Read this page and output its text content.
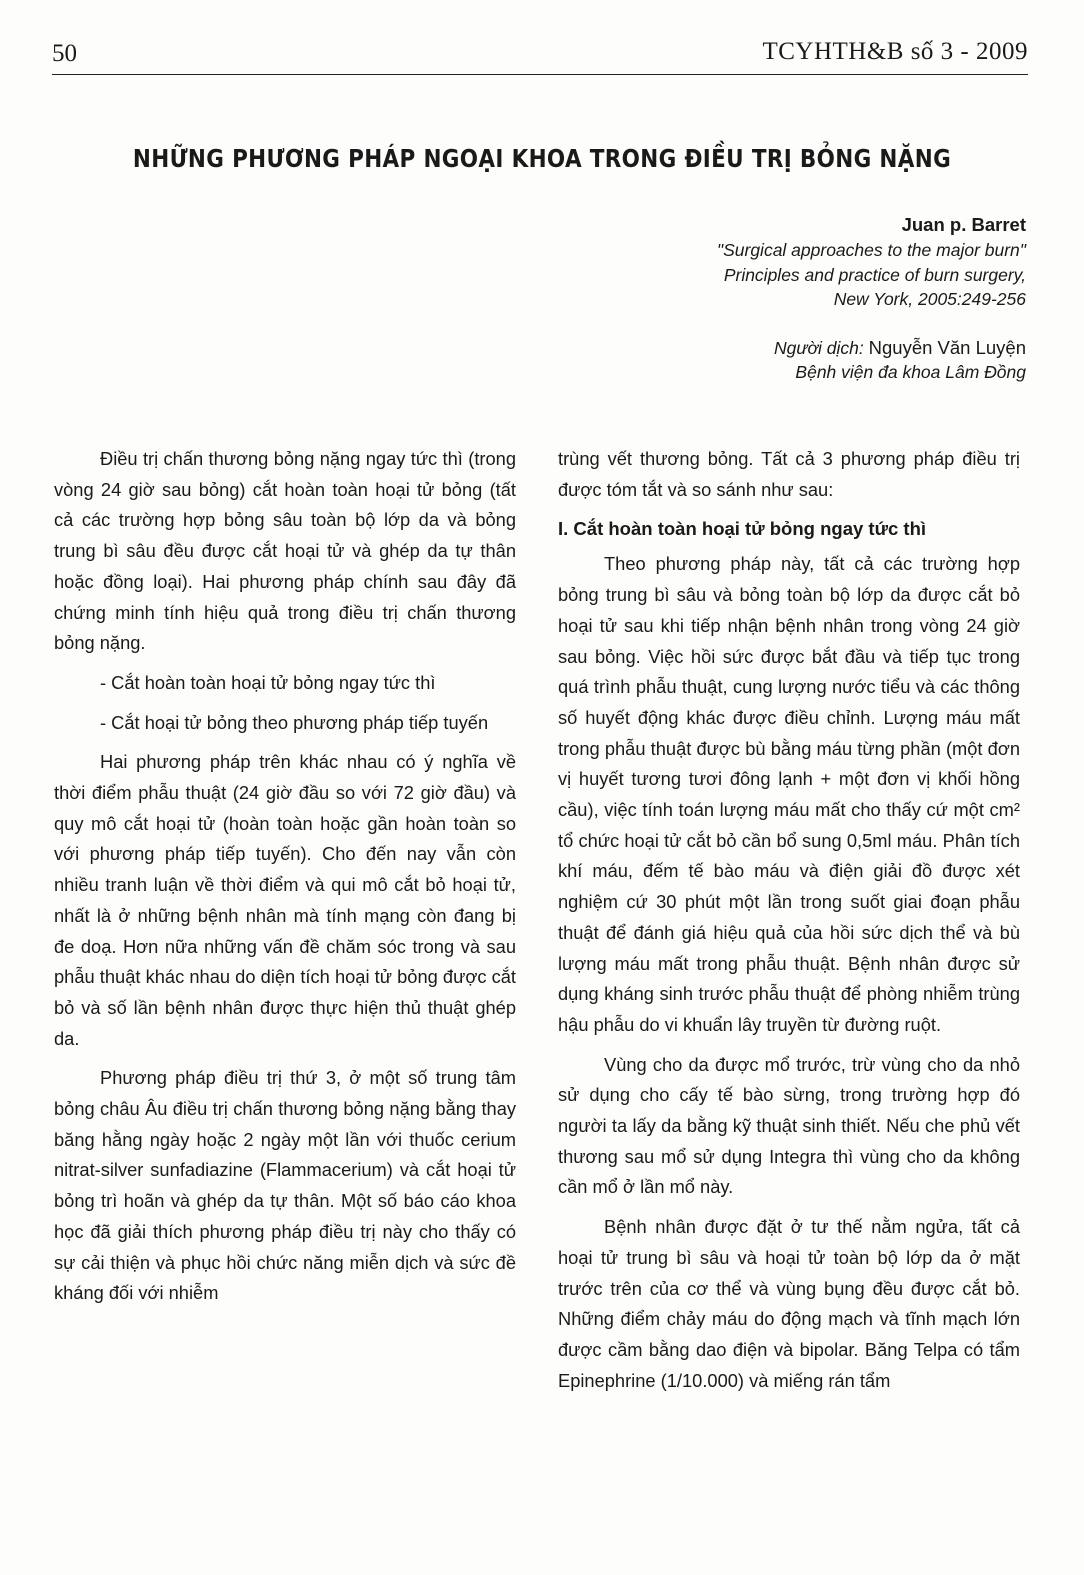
50	TCYHTH&B số 3 - 2009
NHỮNG PHƯƠNG PHÁP NGOẠI KHOA TRONG ĐIỀU TRỊ BỎNG NẶNG
Juan p. Barret
"Surgical approaches to the major burn"
Principles and practice of burn surgery,
New York, 2005:249-256
Người dịch: Nguyễn Văn Luyện
Bệnh viện đa khoa Lâm Đồng

Điều trị chấn thương bỏng nặng ngay tức thì (trong vòng 24 giờ sau bỏng) cắt hoàn toàn hoại tử bỏng (tất cả các trường hợp bỏng sâu toàn bộ lớp da và bỏng trung bì sâu đều được cắt hoại tử và ghép da tự thân hoặc đồng loại). Hai phương pháp chính sau đây đã chứng minh tính hiệu quả trong điều trị chấn thương bỏng nặng.

- Cắt hoàn toàn hoại tử bỏng ngay tức thì

- Cắt hoại tử bỏng theo phương pháp tiếp tuyến

Hai phương pháp trên khác nhau có ý nghĩa về thời điểm phẫu thuật (24 giờ đầu so với 72 giờ đầu) và quy mô cắt hoại tử (hoàn toàn hoặc gần hoàn toàn so với phương pháp tiếp tuyến). Cho đến nay vẫn còn nhiều tranh luận về thời điểm và qui mô cắt bỏ hoại tử, nhất là ở những bệnh nhân mà tính mạng còn đang bị đe doạ. Hơn nữa những vấn đề chăm sóc trong và sau phẫu thuật khác nhau do diện tích hoại tử bỏng được cắt bỏ và số lần bệnh nhân được thực hiện thủ thuật ghép da.

Phương pháp điều trị thứ 3, ở một số trung tâm bỏng châu Âu điều trị chấn thương bỏng nặng bằng thay băng hằng ngày hoặc 2 ngày một lần với thuốc cerium nitrat-silver sunfadiazine (Flammacerium) và cắt hoại tử bỏng trì hoãn và ghép da tự thân. Một số báo cáo khoa học đã giải thích phương pháp điều trị này cho thấy có sự cải thiện và phục hồi chức năng miễn dịch và sức đề kháng đối với nhiễm

trùng vết thương bỏng. Tất cả 3 phương pháp điều trị được tóm tắt và so sánh như sau:

I. Cắt hoàn toàn hoại tử bỏng ngay tức thì

Theo phương pháp này, tất cả các trường hợp bỏng trung bì sâu và bỏng toàn bộ lớp da được cắt bỏ hoại tử sau khi tiếp nhận bệnh nhân trong vòng 24 giờ sau bỏng. Việc hồi sức được bắt đầu và tiếp tục trong quá trình phẫu thuật, cung lượng nước tiểu và các thông số huyết động khác được điều chỉnh. Lượng máu mất trong phẫu thuật được bù bằng máu từng phần (một đơn vị huyết tương tươi đông lạnh + một đơn vị khối hồng cầu), việc tính toán lượng máu mất cho thấy cứ một cm² tổ chức hoại tử cắt bỏ cần bổ sung 0,5ml máu. Phân tích khí máu, đếm tế bào máu và điện giải đồ được xét nghiệm cứ 30 phút một lần trong suốt giai đoạn phẫu thuật để đánh giá hiệu quả của hồi sức dịch thể và bù lượng máu mất trong phẫu thuật. Bệnh nhân được sử dụng kháng sinh trước phẫu thuật để phòng nhiễm trùng hậu phẫu do vi khuẩn lây truyền từ đường ruột.

Vùng cho da được mổ trước, trừ vùng cho da nhỏ sử dụng cho cấy tế bào sừng, trong trường hợp đó người ta lấy da bằng kỹ thuật sinh thiết. Nếu che phủ vết thương sau mổ sử dụng Integra thì vùng cho da không cần mổ ở lần mổ này.

Bệnh nhân được đặt ở tư thế nằm ngửa, tất cả hoại tử trung bì sâu và hoại tử toàn bộ lớp da ở mặt trước trên của cơ thể và vùng bụng đều được cắt bỏ. Những điểm chảy máu do động mạch và tĩnh mạch lớn được cầm bằng dao điện và bipolar. Băng Telpa có tẩm Epinephrine (1/10.000) và miếng rán tẩm
